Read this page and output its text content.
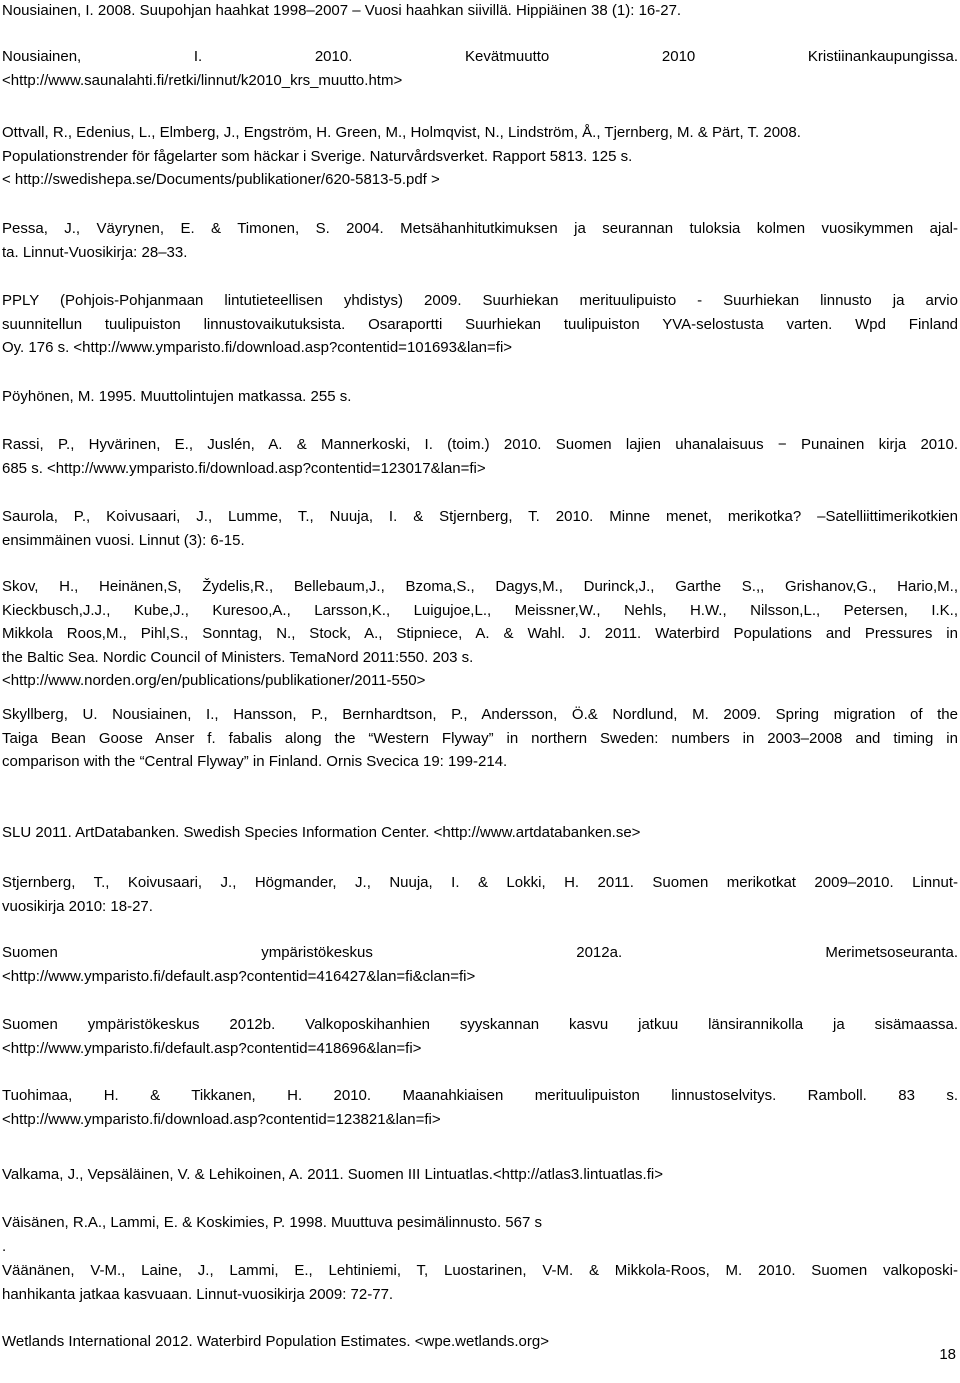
Nousiainen, I. 2008. Suupohjan haahkat 1998–2007 – Vuosi haahkan siivillä. Hippiäinen 38 (1): 16-27.
Nousiainen, I. 2010. Kevätmuutto 2010 Kristiinankaupungissa.
<http://www.saunalahti.fi/retki/linnut/k2010_krs_muutto.htm>
Ottvall, R., Edenius, L., Elmberg, J., Engström, H. Green, M., Holmqvist, N., Lindström, Å., Tjernberg, M. & Pärt, T. 2008.
Populationstrender för fågelarter som häckar i Sverige. Naturvårdsverket. Rapport 5813. 125 s.
< http://swedishepa.se/Documents/publikationer/620-5813-5.pdf >
Pessa, J., Väyrynen, E. & Timonen, S. 2004. Metsähanhitutkimuksen ja seurannan tuloksia kolmen vuosikymmen ajal-
ta. Linnut-Vuosikirja: 28–33.
PPLY (Pohjois-Pohjanmaan lintutieteellisen yhdistys) 2009. Suurhiekan merituulipuisto - Suurhiekan linnusto ja arvio
suunnitellun tuulipuiston linnustovaikutuksista. Osaraportti Suurhiekan tuulipuiston YVA-selostusta varten. Wpd Finland
Oy. 176 s. <http://www.ymparisto.fi/download.asp?contentid=101693&lan=fi>
Pöyhönen, M. 1995. Muuttolintujen matkassa. 255 s.
Rassi, P., Hyvärinen, E., Juslén, A. & Mannerkoski, I. (toim.) 2010. Suomen lajien uhanalaisuus − Punainen kirja 2010.
685 s. <http://www.ymparisto.fi/download.asp?contentid=123017&lan=fi>
Saurola, P., Koivusaari, J., Lumme, T., Nuuja, I. & Stjernberg, T. 2010. Minne menet, merikotka? –Satelliittimerikotkien
ensimmäinen vuosi. Linnut (3): 6-15.
Skov, H., Heinänen,S, Žydelis,R., Bellebaum,J., Bzoma,S., Dagys,M., Durinck,J., Garthe S.,, Grishanov,G., Hario,M.,
Kieckbusch,J.J., Kube,J., Kuresoo,A., Larsson,K., Luigujoe,L., Meissner,W., Nehls, H.W., Nilsson,L., Petersen, I.K.,
Mikkola Roos,M., Pihl,S., Sonntag, N., Stock, A., Stipniece, A. & Wahl. J. 2011. Waterbird Populations and Pressures in
the Baltic Sea. Nordic Council of Ministers. TemaNord 2011:550. 203 s.
<http://www.norden.org/en/publications/publikationer/2011-550>
Skyllberg, U. Nousiainen, I., Hansson, P., Bernhardtson, P., Andersson, Ö.& Nordlund, M. 2009. Spring migration of the
Taiga Bean Goose Anser f. fabalis along the “Western Flyway” in northern Sweden: numbers in 2003–2008 and timing in
comparison with the “Central Flyway” in Finland. Ornis Svecica 19: 199-214.
SLU 2011. ArtDatabanken. Swedish Species Information Center. <http://www.artdatabanken.se>
Stjernberg, T., Koivusaari, J., Högmander, J., Nuuja, I. & Lokki, H. 2011. Suomen merikotkat 2009–2010. Linnut-
vuosikirja 2010: 18-27.
Suomen ympäristökeskus 2012a. Merimetsoseuranta.
<http://www.ymparisto.fi/default.asp?contentid=416427&lan=fi&clan=fi>
Suomen ympäristökeskus 2012b. Valkoposkihanhien syyskannan kasvu jatkuu länsirannikolla ja sisämaassa.
<http://www.ymparisto.fi/default.asp?contentid=418696&lan=fi>
Tuohimaa, H. & Tikkanen, H. 2010. Maanahkiaisen merituulipuiston linnustoselvitys. Ramboll. 83 s.
<http://www.ymparisto.fi/download.asp?contentid=123821&lan=fi>
Valkama, J., Vepsäläinen, V. & Lehikoinen, A. 2011. Suomen III Lintuatlas.<http://atlas3.lintuatlas.fi>
Väisänen, R.A., Lammi, E. & Koskimies, P. 1998. Muuttuva pesimälinnusto. 567 s
.
Väänänen, V-M., Laine, J., Lammi, E., Lehtiniemi, T, Luostarinen, V-M. & Mikkola-Roos, M. 2010. Suomen valkoposki-
hanhikanta jatkaa kasvuaan. Linnut-vuosikirja 2009: 72-77.
Wetlands International 2012. Waterbird Population Estimates. <wpe.wetlands.org>
18
